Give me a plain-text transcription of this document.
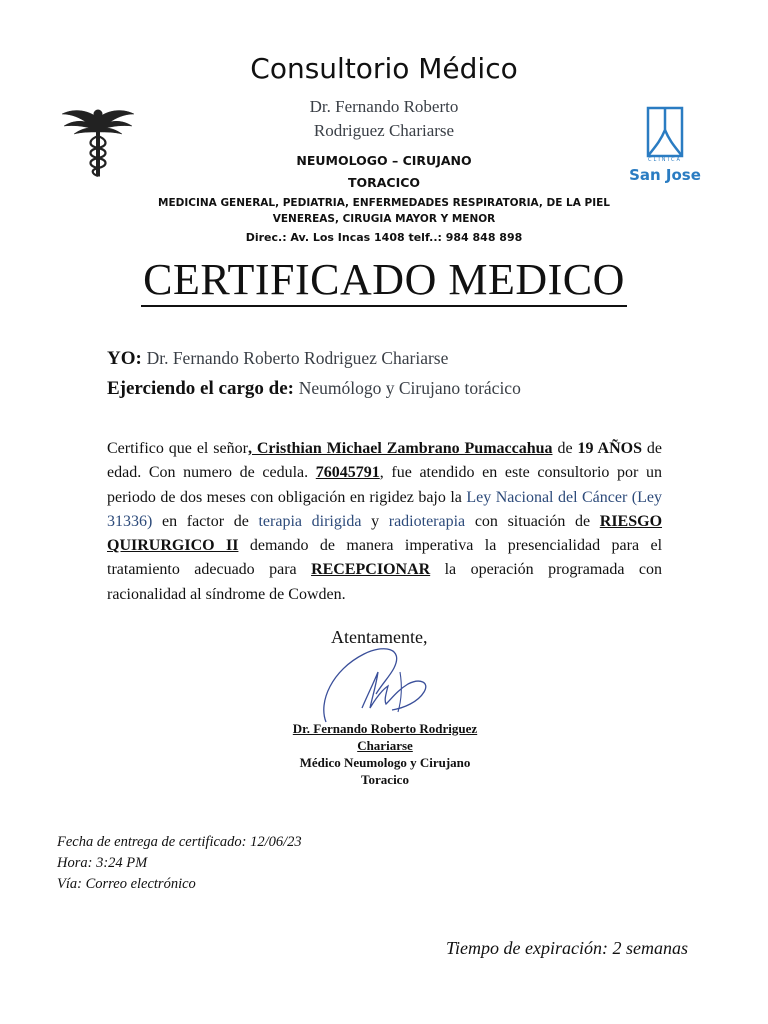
Consultorio Médico
Dr. Fernando Roberto
Rodriguez Chariarse
NEUMOLOGO – CIRUJANO
TORACICO
MEDICINA GENERAL, PEDIATRIA, ENFERMEDADES RESPIRATORIA, DE LA PIEL
VENEREAS, CIRUGIA MAYOR Y MENOR
Direc.: Av. Los Incas 1408 telf..: 984 848 898
CLINICA
San Jose
CERTIFICADO MEDICO
YO: Dr. Fernando Roberto Rodriguez Chariarse
Ejerciendo el cargo de: Neumólogo y Cirujano torácico
Certifico que el señor, Cristhian Michael Zambrano Pumaccahua de 19 AÑOS de edad. Con numero de cedula. 76045791, fue atendido en este consultorio por un periodo de dos meses con obligación en rigidez bajo la Ley Nacional del Cáncer (Ley 31336) en factor de terapia dirigida y radioterapia con situación de RIESGO QUIRURGICO II demando de manera imperativa la presencialidad para el tratamiento adecuado para RECEPCIONAR la operación programada con racionalidad al síndrome de Cowden.
Atentamente,
Dr. Fernando Roberto Rodriguez
Chariarse
Médico Neumologo y Cirujano
Toracico
Fecha de entrega de certificado: 12/06/23
Hora: 3:24 PM
Vía: Correo electrónico
Tiempo de expiración: 2 semanas
